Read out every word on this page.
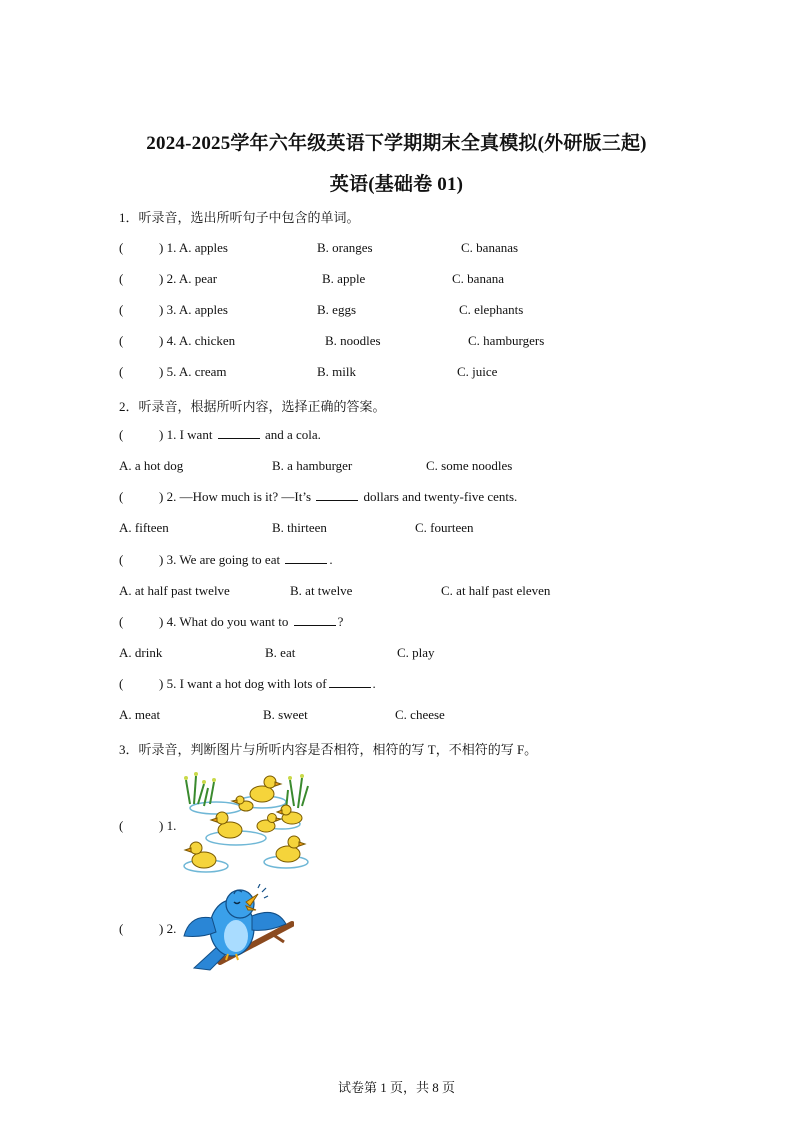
2024-2025学年六年级英语下学期期末全真模拟(外研版三起)
英语(基础卷 01)
1．听录音，选出所听句子中包含的单词。
(	) 1. A. apples	B. oranges	C. bananas
(	) 2. A. pear	B. apple	C. banana
(	) 3. A. apples	B. eggs	C. elephants
(	) 4. A. chicken	B. noodles	C. hamburgers
(	) 5. A. cream	B. milk	C. juice
2．听录音，根据所听内容，选择正确的答案。
(	) 1. I want	and a cola.
A. a hot dog	B. a hamburger	C. some noodles
(	) 2. —How much is it? —It’s	dollars and twenty-five cents.
A. fifteen	B. thirteen	C. fourteen
(	) 3. We are going to eat	.
A. at half past twelve	B. at twelve	C. at half past eleven
(	) 4. What do you want to	?
A. drink	B. eat	C. play
(	) 5. I want a hot dog with lots of	.
A. meat	B. sweet	C. cheese
3．听录音，判断图片与所听内容是否相符，相符的写 T，不相符的写 F。
(	) 1.
(	) 2.
试卷第 1 页，共 8 页
